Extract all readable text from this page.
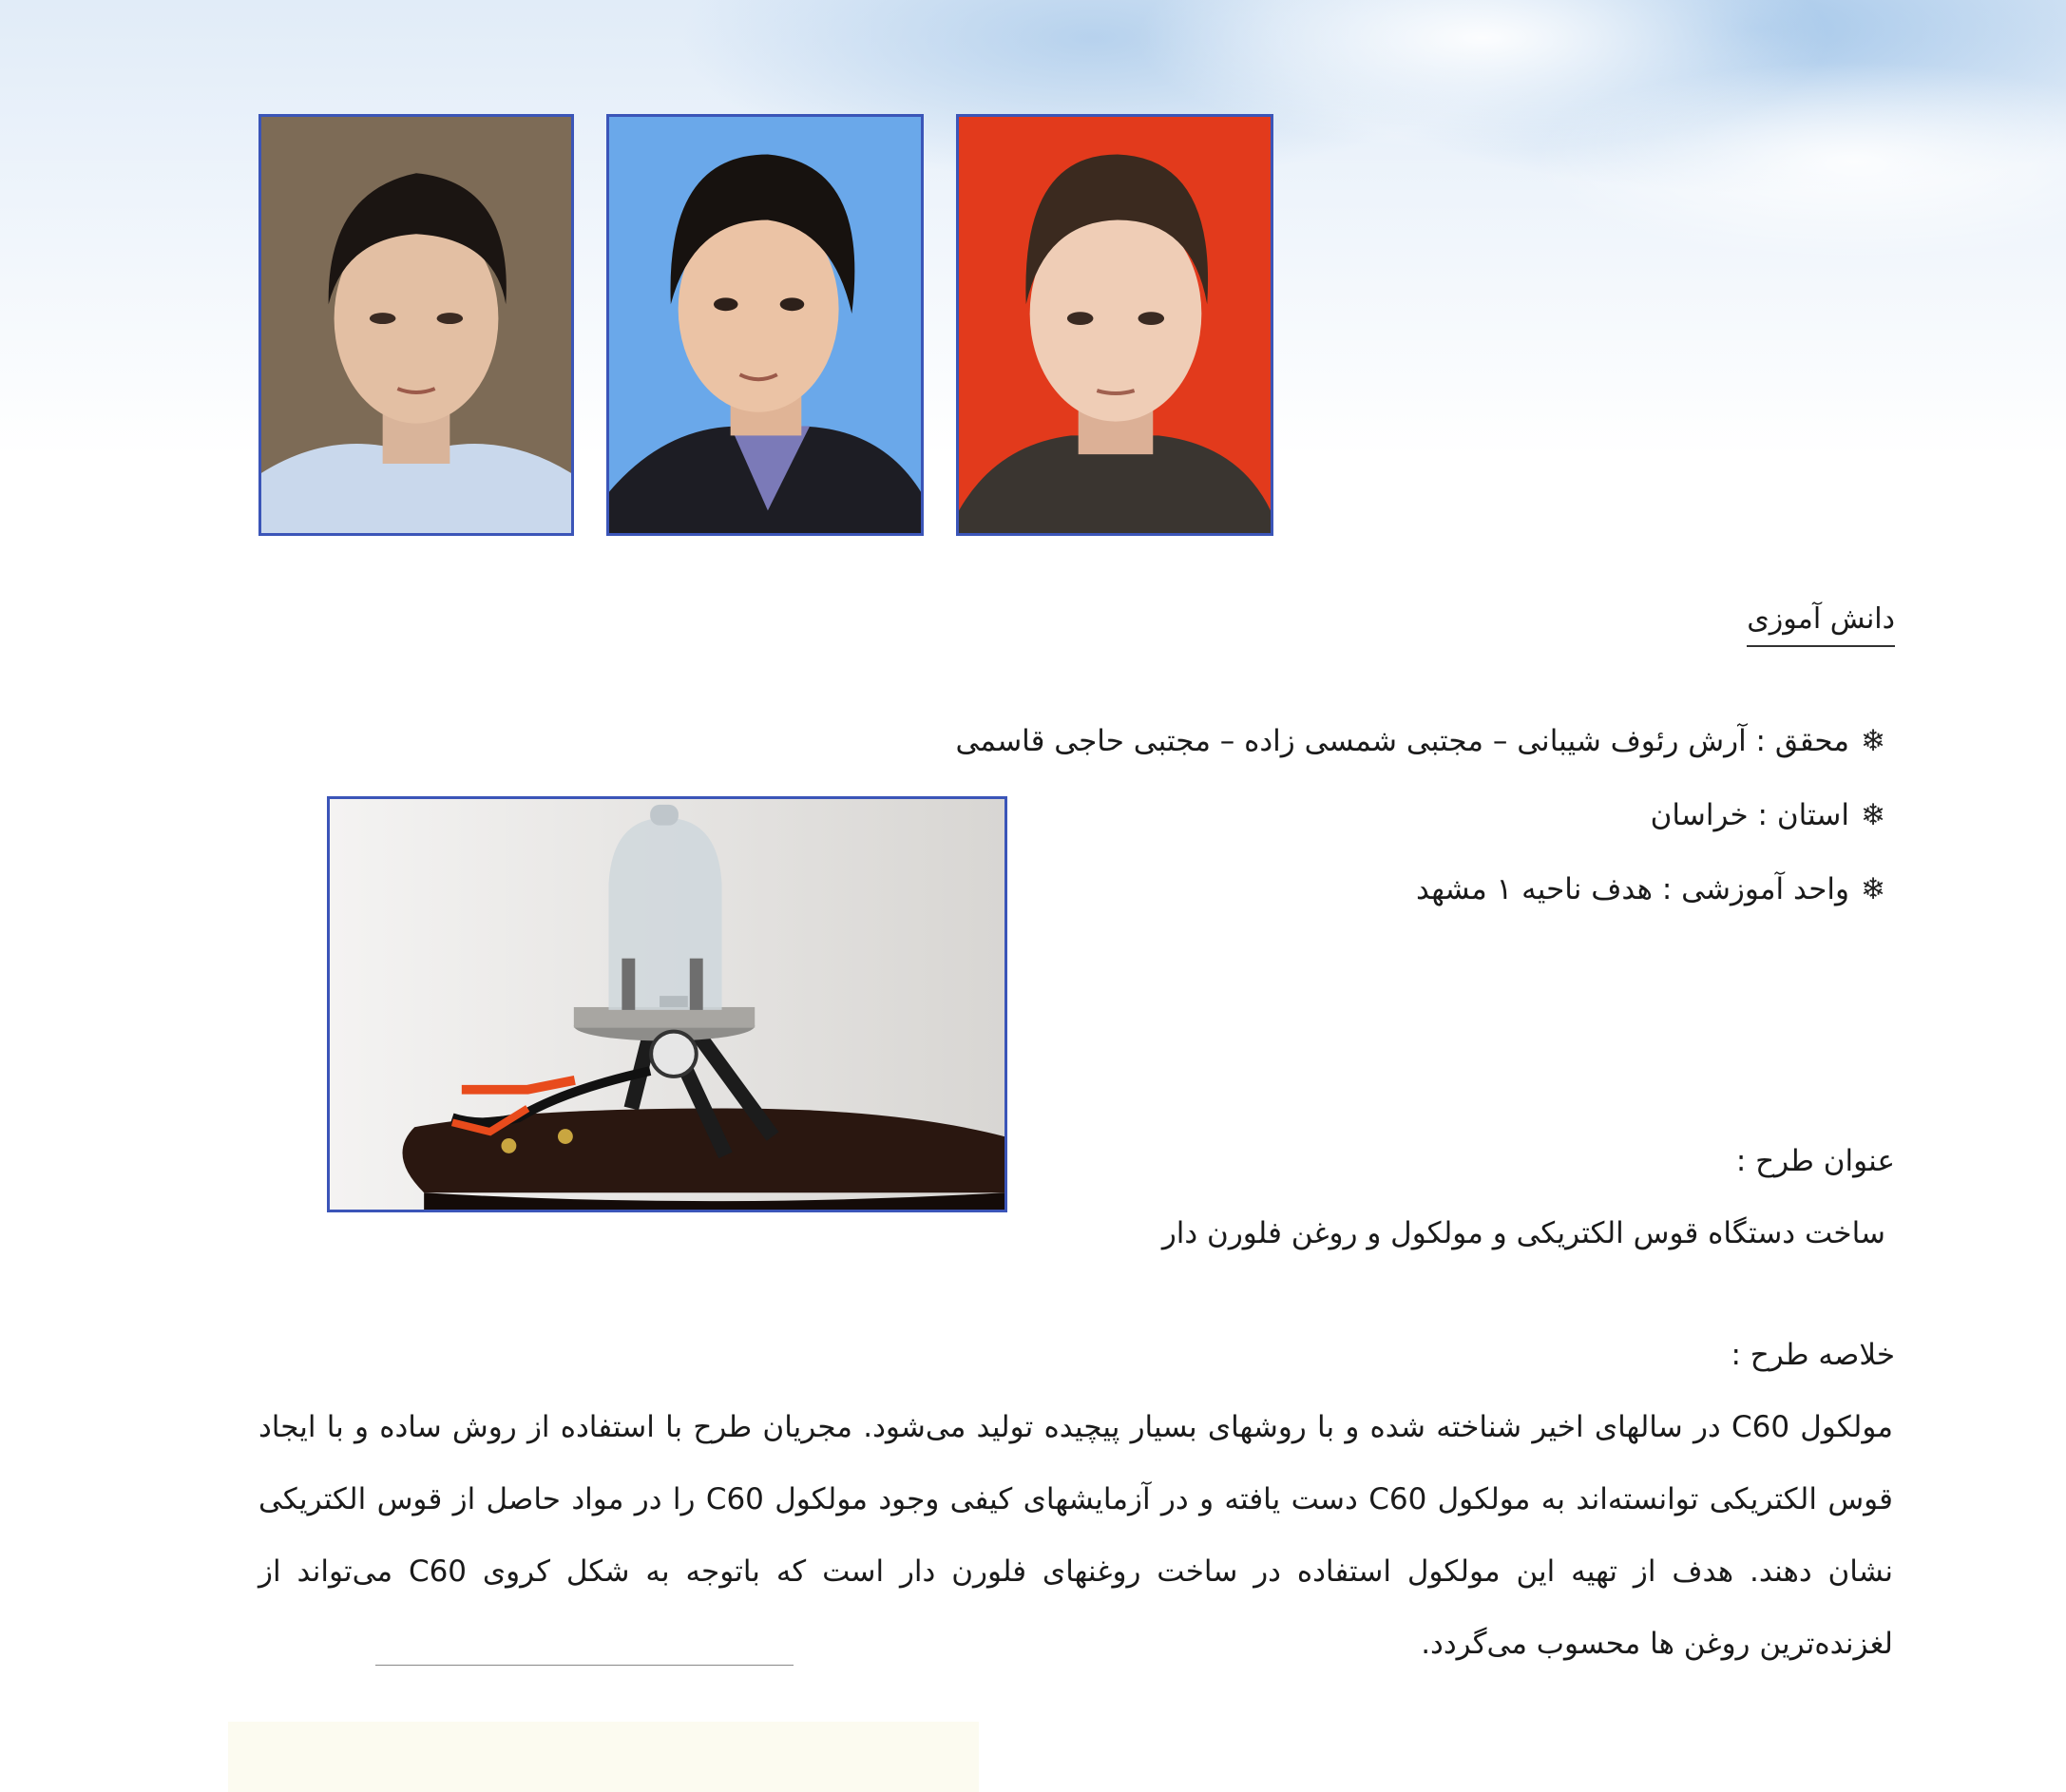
دانش آموزی
❄محقق : آرش رئوف شیبانی – مجتبی شمسی زاده – مجتبی حاجی قاسمی
❄استان : خراسان
❄واحد آموزشی : هدف ناحیه ۱ مشهد
عنوان طرح :
ساخت دستگاه قوس الکتریکی و مولکول و روغن فلورن دار
خلاصه طرح :
مولکول C60 در سالهای اخیر شناخته شده و با روشهای بسیار پیچیده تولید می‌شود. مجریان طرح با استفاده از روش ساده و با ایجاد قوس الکتریکی توانسته‌اند به مولکول C60 دست یافته و در آزمایشهای کیفی وجود مولکول C60 را در مواد حاصل از قوس الکتریکی نشان دهند. هدف از تهیه این مولکول استفاده در ساخت روغنهای فلورن دار است که باتوجه به شکل کروی C60 می‌تواند از لغزنده‌ترین روغن ها محسوب می‌گردد.
